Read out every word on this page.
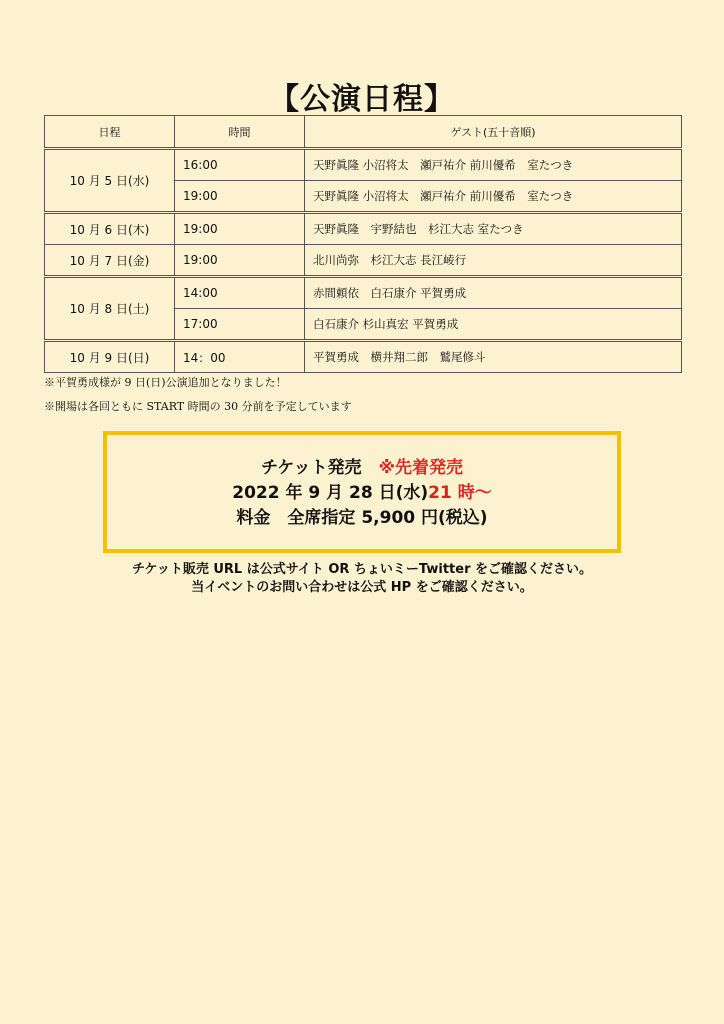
【公演日程】
日程	時間	ゲスト(五十音順)
10 月 5 日(水)	16:00	天野眞隆 小沼将太　瀬戸祐介 前川優希　室たつき
	19:00	天野眞隆 小沼将太　瀬戸祐介 前川優希　室たつき
10 月 6 日(木)	19:00	天野眞隆　宇野結也　杉江大志 室たつき
10 月 7 日(金)	19:00	北川尚弥　杉江大志 長江崚行
10 月 8 日(土)	14:00	赤間頼依　白石康介 平賀勇成
	17:00	白石康介 杉山真宏 平賀勇成
10 月 9 日(日)	14：00	平賀勇成　横井翔二郎　鷲尾修斗
※平賀勇成様が 9 日(日)公演追加となりました！
※開場は各回ともに START 時間の 30 分前を予定しています
チケット発売　※先着発売
2022 年 9 月 28 日(水)21 時〜
料金　全席指定 5,900 円(税込)
チケット販売 URL は公式サイト OR ちょいミーTwitter をご確認ください。
当イベントのお問い合わせは公式 HP をご確認ください。
